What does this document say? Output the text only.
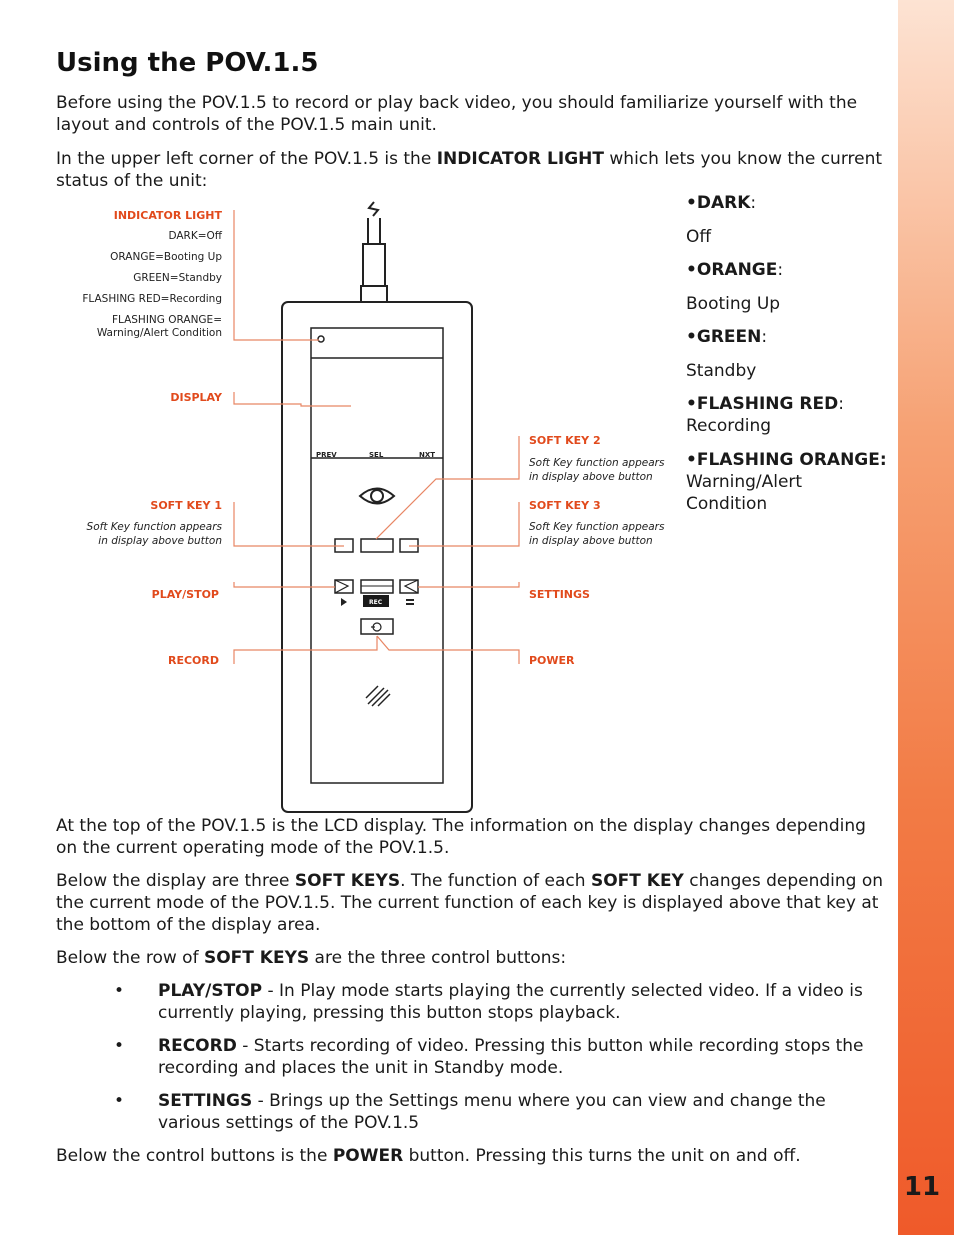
11
Using the POV.1.5

Before using the POV.1.5 to record or play back video, you should familiarize yourself with the layout and controls of the POV.1.5 main unit.

In the upper left corner of the POV.1.5 is the INDICATOR LIGHT which lets you know the current status of the unit:

•DARK:
Off
•ORANGE:
Booting Up
•GREEN:
Standby
•FLASHING RED:
Recording
•FLASHING ORANGE:
Warning/Alert
Condition
PREV	SEL	NXT
REC
INDICATOR LIGHT
DARK=Off
ORANGE=Booting Up
GREEN=Standby
FLASHING RED=Recording
FLASHING ORANGE=
Warning/Alert Condition
DISPLAY
SOFT KEY 1
Soft Key function appears
in display above button
PLAY/STOP
RECORD
SOFT KEY 2
Soft Key function appears
in display above button
SOFT KEY 3
Soft Key function appears
in display above button
SETTINGS
POWER

At the top of the POV.1.5 is the LCD display. The information on the display changes depending on the current operating mode of the POV.1.5.

Below the display are three SOFT KEYS. The function of each SOFT KEY changes depending on the current mode of the POV.1.5. The current function of each key is displayed above that key at the bottom of the display area.

Below the row of SOFT KEYS are the three control buttons:

• PLAY/STOP - In Play mode starts playing the currently selected video. If a video is currently playing, pressing this button stops playback.
• RECORD - Starts recording of video. Pressing this button while recording stops the recording and places the unit in Standby mode.
• SETTINGS - Brings up the Settings menu where you can view and change the various settings of the POV.1.5

Below the control buttons is the POWER button. Pressing this turns the unit on and off.
